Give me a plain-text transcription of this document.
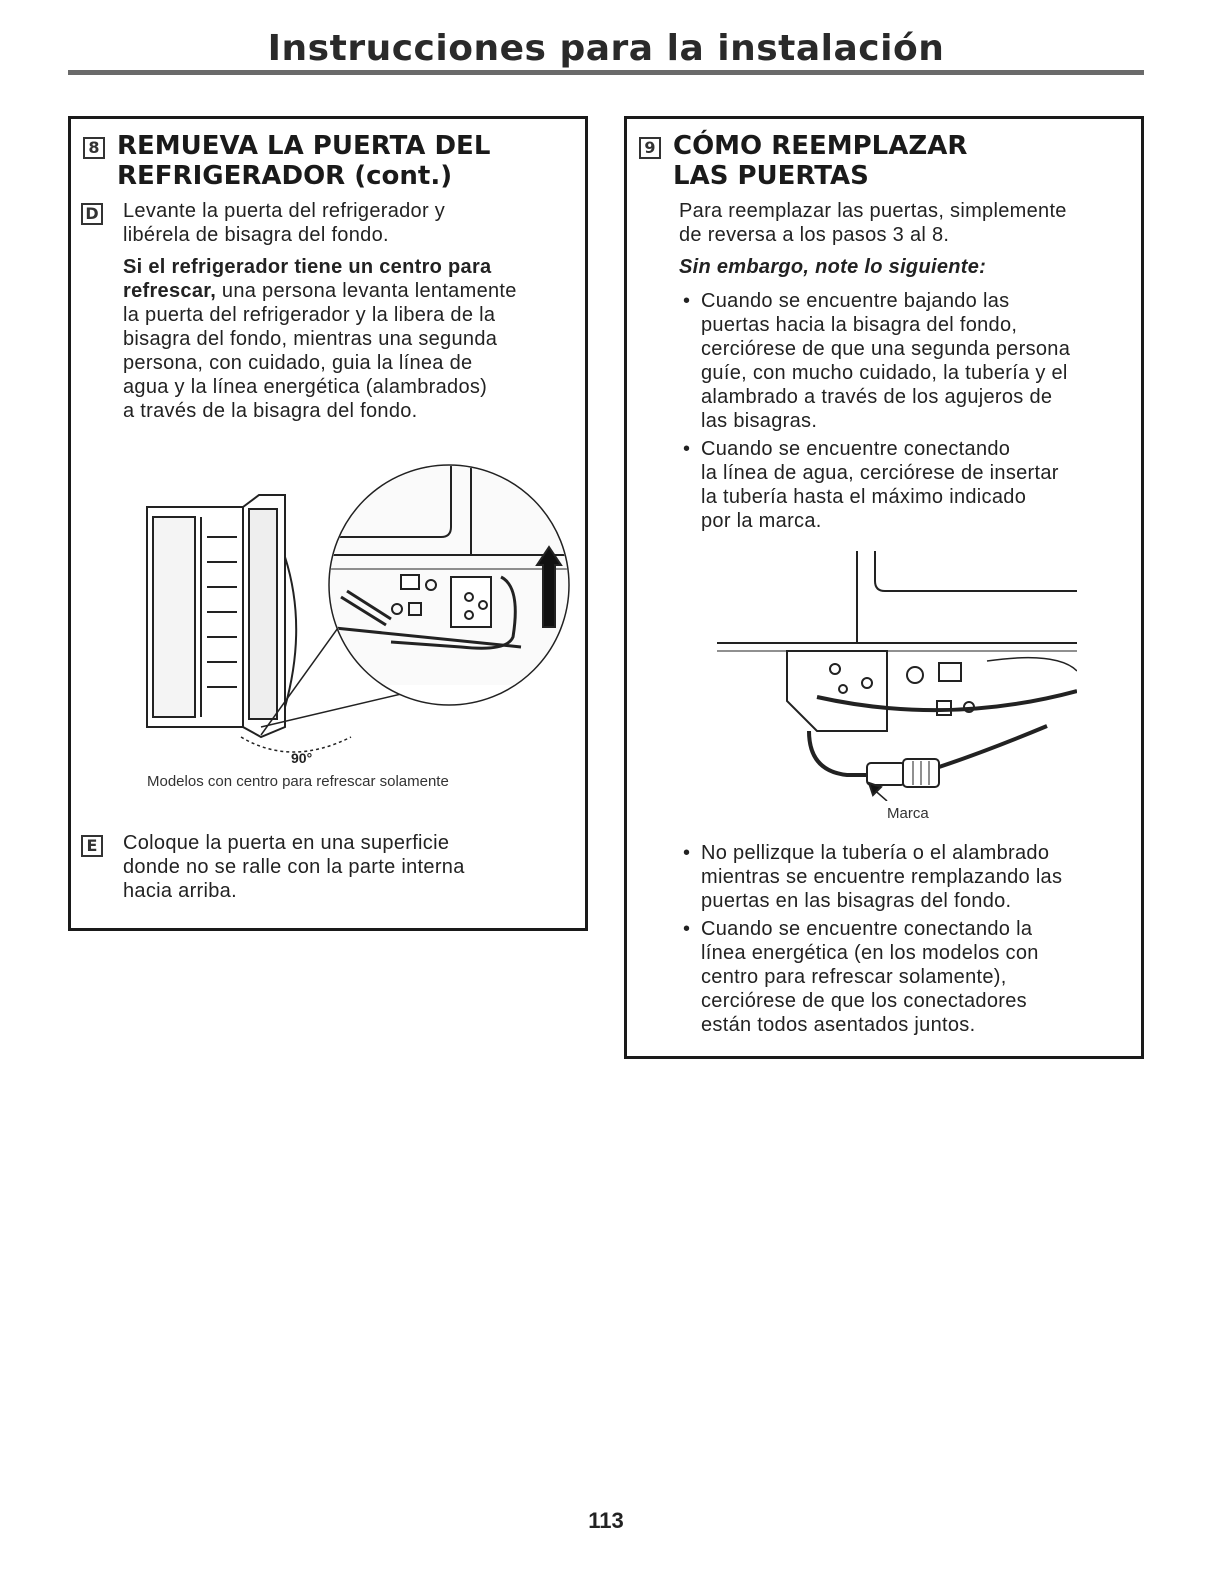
Instrucciones para la instalación
8 REMUEVA LA PUERTA DEL
REFRIGERADOR (cont.)
D Levante la puerta del refrigerador y
libérela de bisagra del fondo.
Si el refrigerador tiene un centro para
refrescar, una persona levanta lentamente
la puerta del refrigerador y la libera de la
bisagra del fondo, mientras una segunda
persona, con cuidado, guia la línea de
agua y la línea energética (alambrados)
a través de la bisagra del fondo.
90°
Modelos con centro para refrescar solamente
E Coloque la puerta en una superficie
donde no se ralle con la parte interna
hacia arriba.
9 CÓMO REEMPLAZAR
LAS PUERTAS
Para reemplazar las puertas, simplemente
de reversa a los pasos 3 al 8.
Sin embargo, note lo siguiente:
• Cuando se encuentre bajando las
puertas hacia la bisagra del fondo,
cerciórese de que una segunda persona
guíe, con mucho cuidado, la tubería y el
alambrado a través de los agujeros de
las bisagras.
• Cuando se encuentre conectando
la línea de agua, cerciórese de insertar
la tubería hasta el máximo indicado
por la marca.
Marca
• No pellizque la tubería o el alambrado
mientras se encuentre remplazando las
puertas en las bisagras del fondo.
• Cuando se encuentre conectando la
línea energética (en los modelos con
centro para refrescar solamente),
cerciórese de que los conectadores
están todos asentados juntos.
113
